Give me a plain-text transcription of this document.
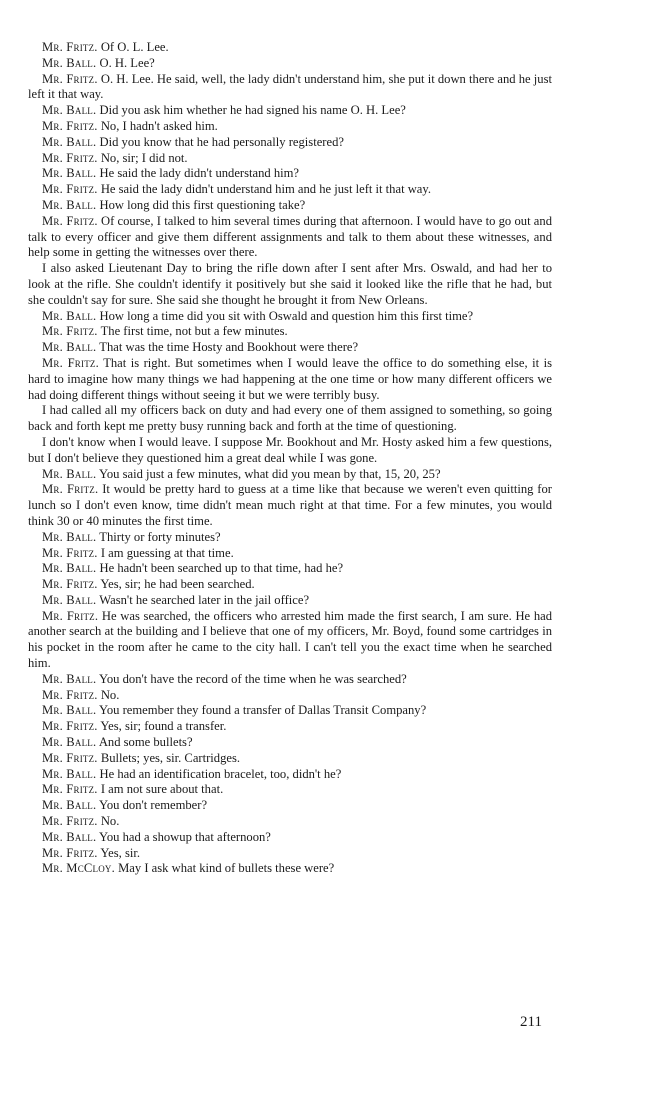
Mr. Fritz. Of O. L. Lee.

Mr. Ball. O. H. Lee?

Mr. Fritz. O. H. Lee. He said, well, the lady didn't understand him, she put it down there and he just left it that way.

Mr. Ball. Did you ask him whether he had signed his name O. H. Lee?

Mr. Fritz. No, I hadn't asked him.

Mr. Ball. Did you know that he had personally registered?

Mr. Fritz. No, sir; I did not.

Mr. Ball. He said the lady didn't understand him?

Mr. Fritz. He said the lady didn't understand him and he just left it that way.

Mr. Ball. How long did this first questioning take?

Mr. Fritz. Of course, I talked to him several times during that afternoon. I would have to go out and talk to every officer and give them different assignments and talk to them about these witnesses, and help some in getting the witnesses over there.

I also asked Lieutenant Day to bring the rifle down after I sent after Mrs. Oswald, and had her to look at the rifle. She couldn't identify it positively but she said it looked like the rifle that he had, but she couldn't say for sure. She said she thought he brought it from New Orleans.

Mr. Ball. How long a time did you sit with Oswald and question him this first time?

Mr. Fritz. The first time, not but a few minutes.

Mr. Ball. That was the time Hosty and Bookhout were there?

Mr. Fritz. That is right. But sometimes when I would leave the office to do something else, it is hard to imagine how many things we had happening at the one time or how many different officers we had doing different things without seeing it but we were terribly busy.

I had called all my officers back on duty and had every one of them assigned to something, so going back and forth kept me pretty busy running back and forth at the time of questioning.

I don't know when I would leave. I suppose Mr. Bookhout and Mr. Hosty asked him a few questions, but I don't believe they questioned him a great deal while I was gone.

Mr. Ball. You said just a few minutes, what did you mean by that, 15, 20, 25?

Mr. Fritz. It would be pretty hard to guess at a time like that because we weren't even quitting for lunch so I don't even know, time didn't mean much right at that time. For a few minutes, you would think 30 or 40 minutes the first time.

Mr. Ball. Thirty or forty minutes?

Mr. Fritz. I am guessing at that time.

Mr. Ball. He hadn't been searched up to that time, had he?

Mr. Fritz. Yes, sir; he had been searched.

Mr. Ball. Wasn't he searched later in the jail office?

Mr. Fritz. He was searched, the officers who arrested him made the first search, I am sure. He had another search at the building and I believe that one of my officers, Mr. Boyd, found some cartridges in his pocket in the room after he came to the city hall. I can't tell you the exact time when he searched him.

Mr. Ball. You don't have the record of the time when he was searched?

Mr. Fritz. No.

Mr. Ball. You remember they found a transfer of Dallas Transit Company?

Mr. Fritz. Yes, sir; found a transfer.

Mr. Ball. And some bullets?

Mr. Fritz. Bullets; yes, sir. Cartridges.

Mr. Ball. He had an identification bracelet, too, didn't he?

Mr. Fritz. I am not sure about that.

Mr. Ball. You don't remember?

Mr. Fritz. No.

Mr. Ball. You had a showup that afternoon?

Mr. Fritz. Yes, sir.

Mr. McCloy. May I ask what kind of bullets these were?

211
